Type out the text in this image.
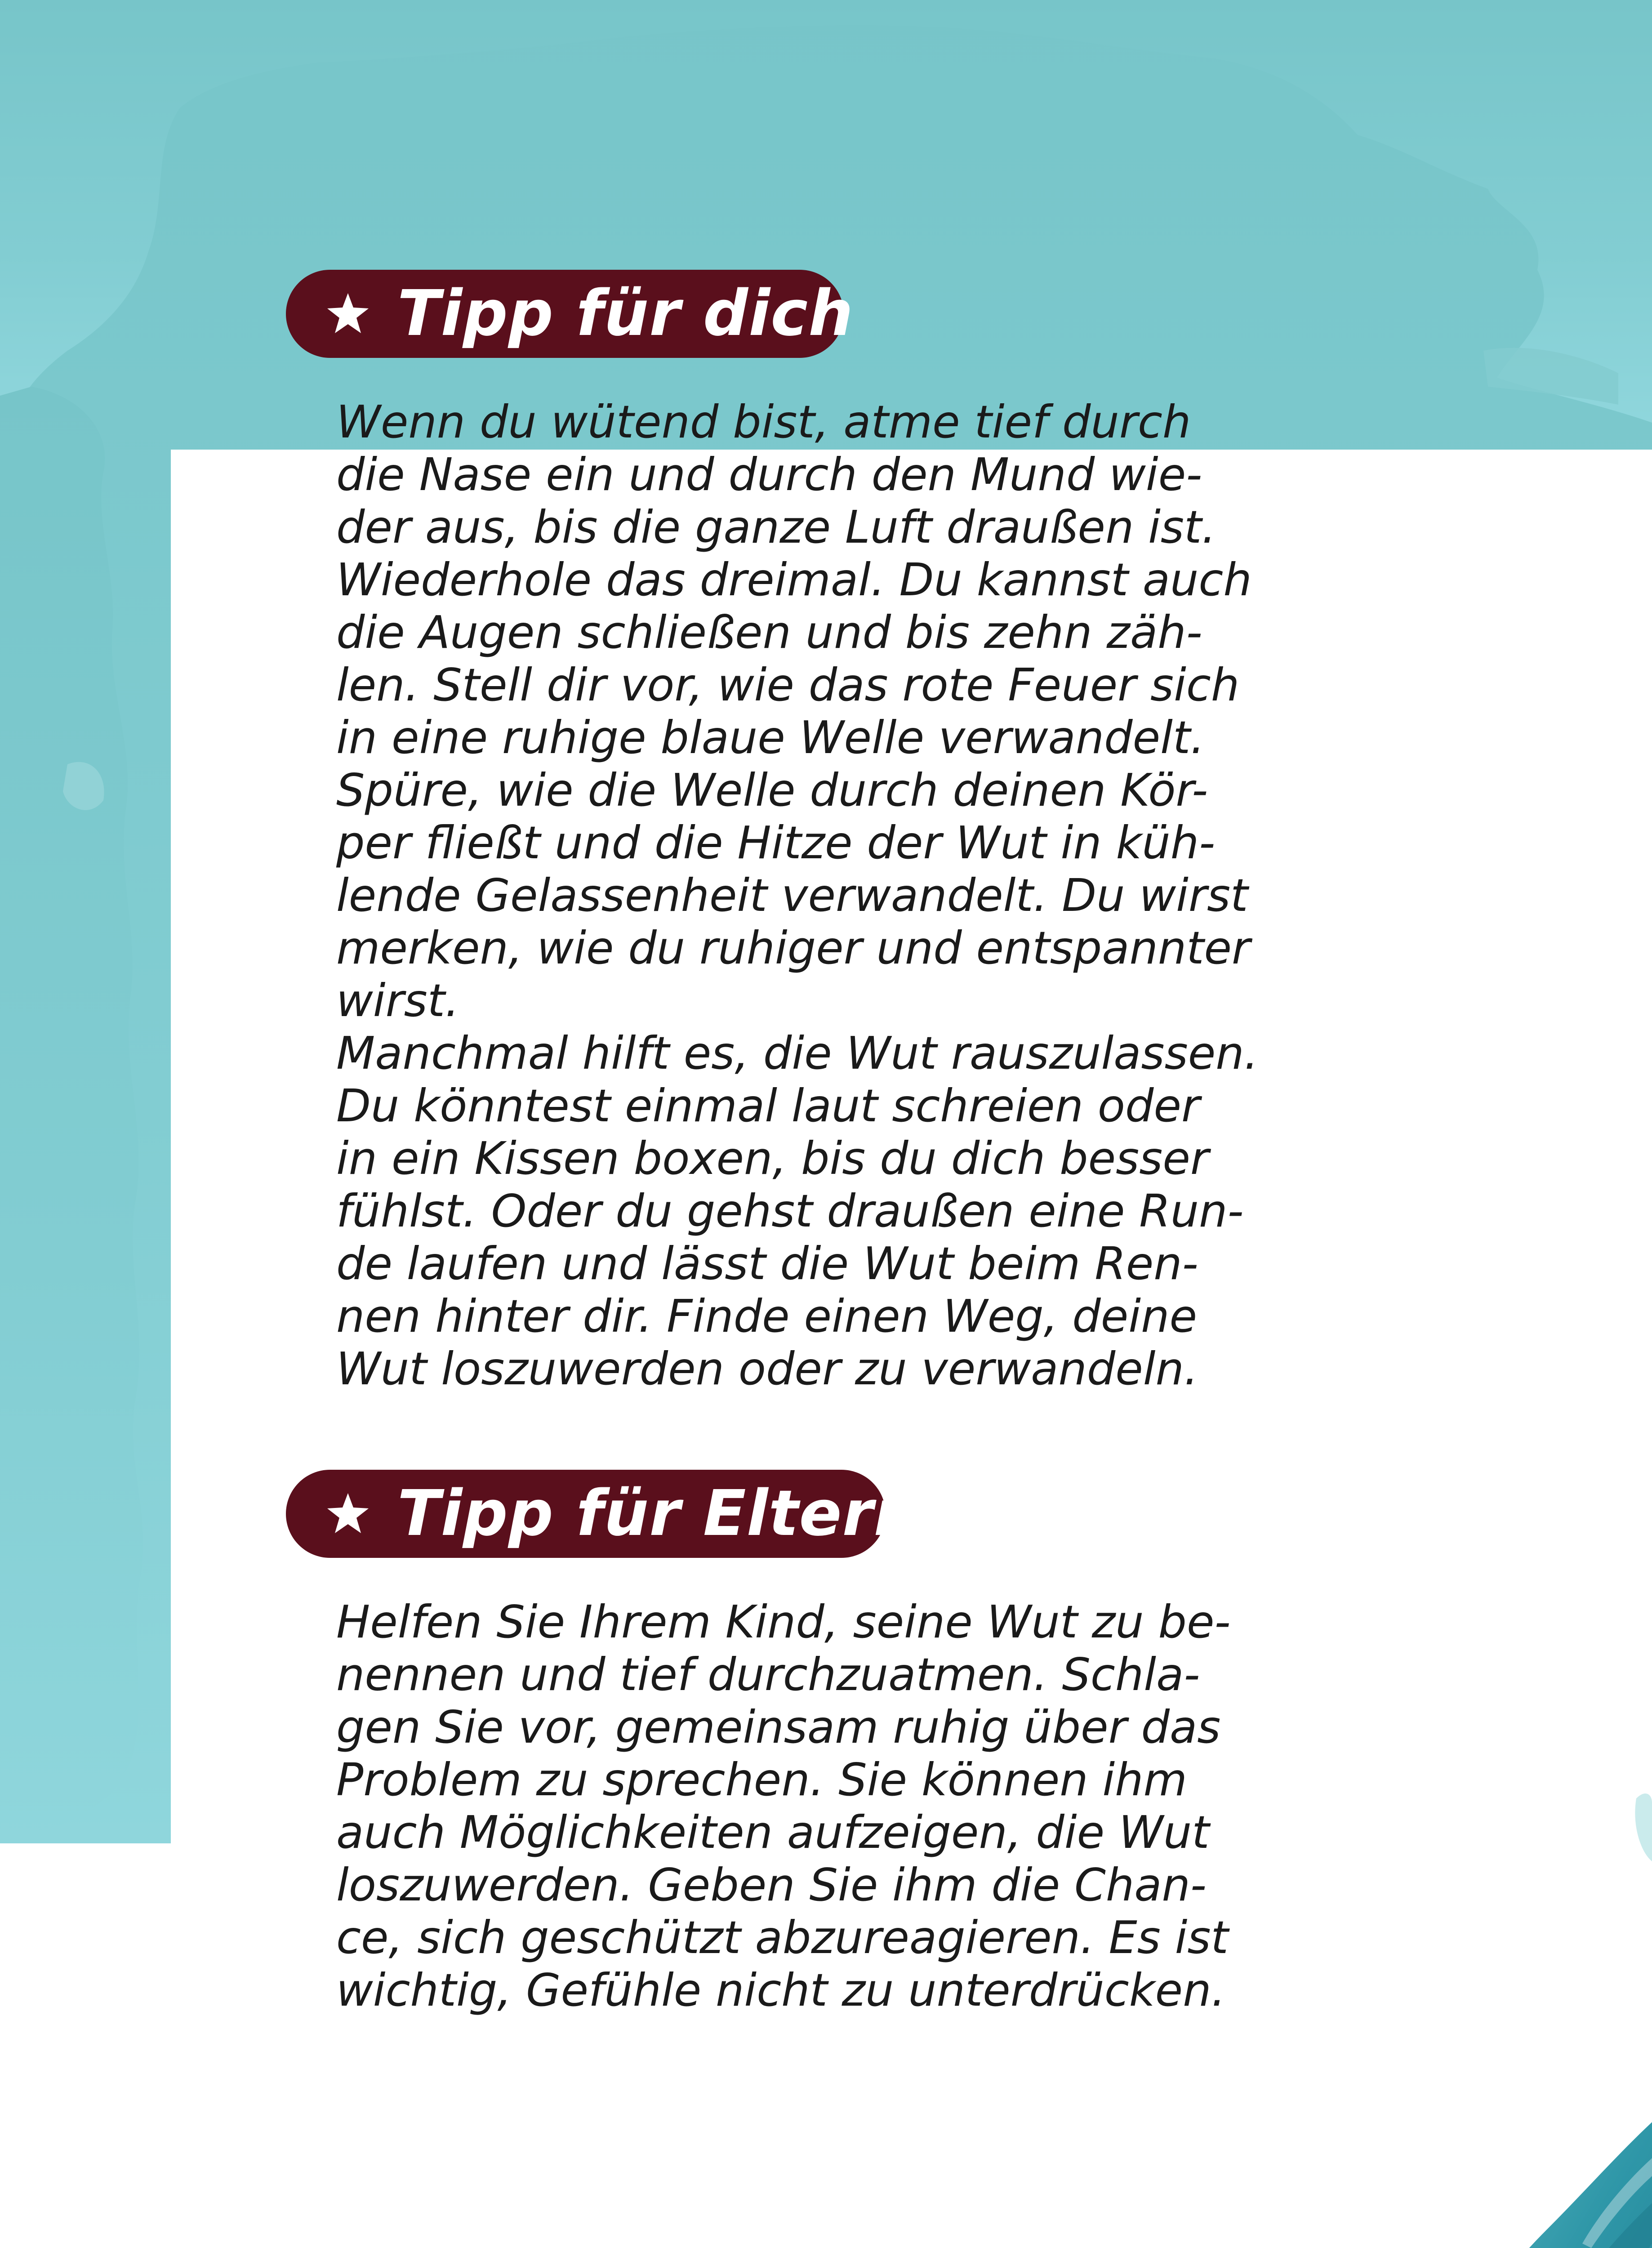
Tipp für dich

Wenn du wütend bist, atme tief durch
die Nase ein und durch den Mund wie-
der aus, bis die ganze Luft draußen ist.
Wiederhole das dreimal. Du kannst auch
die Augen schließen und bis zehn zäh-
len. Stell dir vor, wie das rote Feuer sich
in eine ruhige blaue Welle verwandelt.
Spüre, wie die Welle durch deinen Kör-
per fließt und die Hitze der Wut in küh-
lende Gelassenheit verwandelt. Du wirst
merken, wie du ruhiger und entspannter
wirst.
Manchmal hilft es, die Wut rauszulassen.
Du könntest einmal laut schreien oder
in ein Kissen boxen, bis du dich besser
fühlst. Oder du gehst draußen eine Run-
de laufen und lässt die Wut beim Ren-
nen hinter dir. Finde einen Weg, deine
Wut loszuwerden oder zu verwandeln.

Tipp für Eltern

Helfen Sie Ihrem Kind, seine Wut zu be-
nennen und tief durchzuatmen. Schla-
gen Sie vor, gemeinsam ruhig über das
Problem zu sprechen. Sie können ihm
auch Möglichkeiten aufzeigen, die Wut
loszuwerden. Geben Sie ihm die Chan-
ce, sich geschützt abzureagieren. Es ist
wichtig, Gefühle nicht zu unterdrücken.
